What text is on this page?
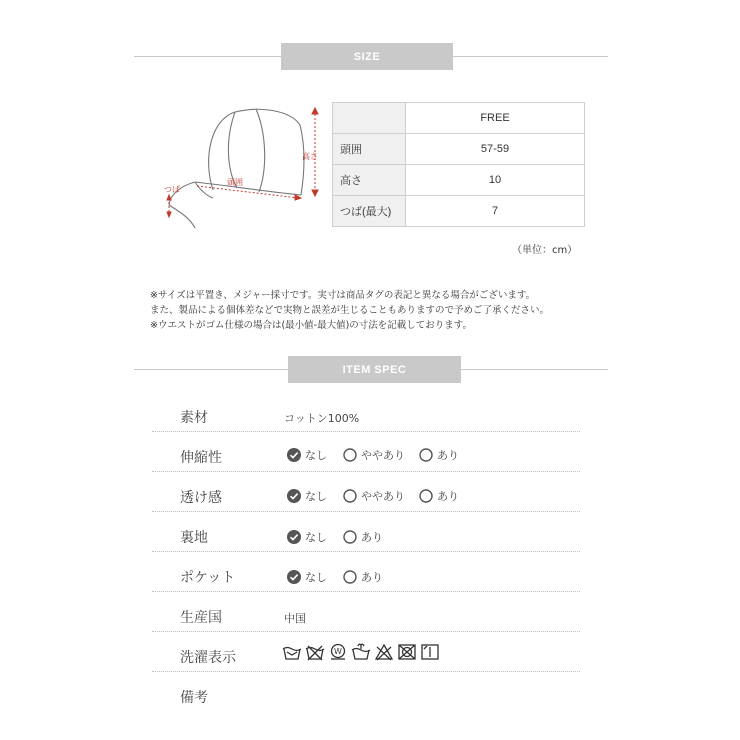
SIZE
高さ
頭囲
つば
	FREE
頭囲	57-59
高さ	10
つば(最大)	7
（単位：cm）
※サイズは平置き、メジャー採寸です。実寸は商品タグの表記と異なる場合がございます。
また、製品による個体差などで実物と誤差が生じることもありますので予めご了承ください。
※ウエストがゴム仕様の場合は(最小値-最大値)の寸法を記載しております。
ITEM SPEC
素材	コットン100%
伸縮性	なし	ややあり	あり
透け感	なし	ややあり	あり
裏地	なし	あり
ポケット	なし	あり
生産国	中国
洗濯表示	W
備考
